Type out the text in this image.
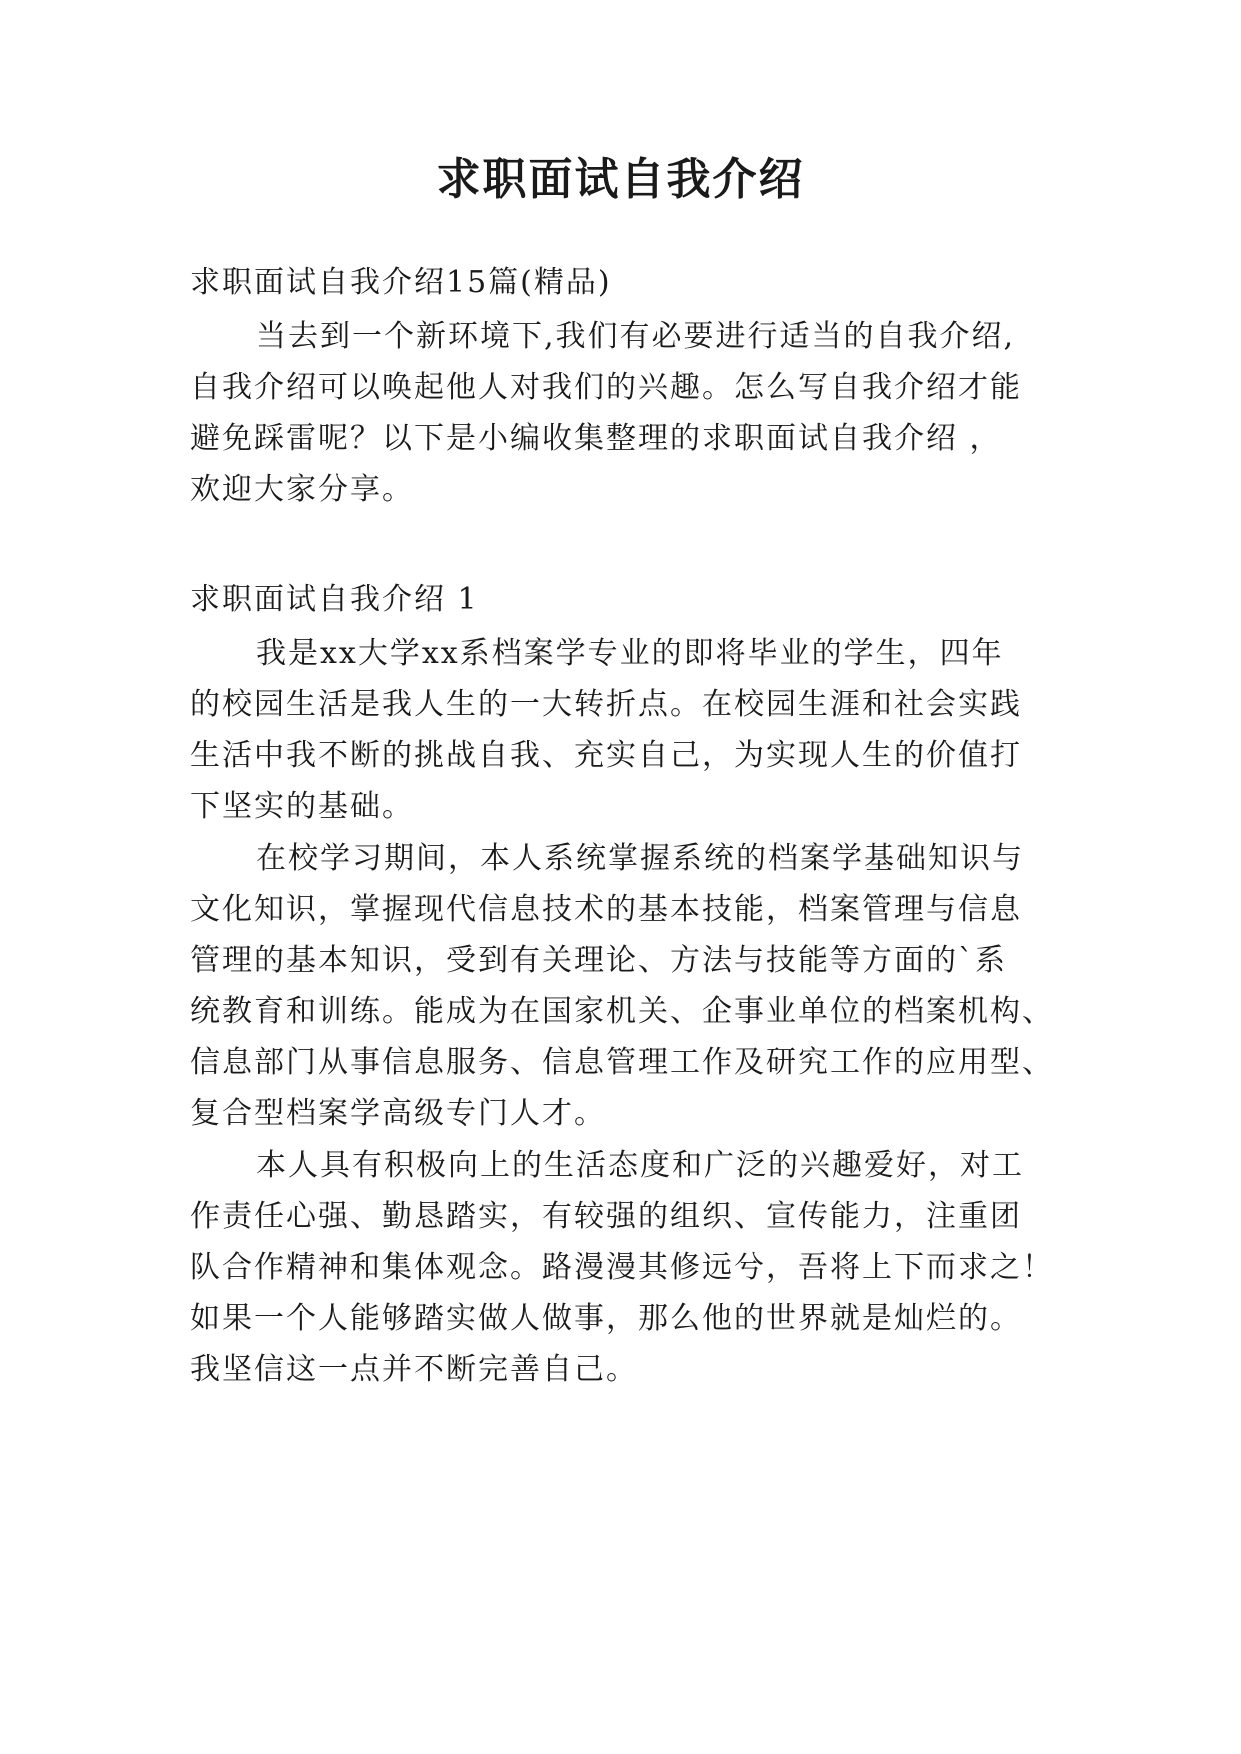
求职面试自我介绍
求职面试自我介绍15篇(精品)
当去到一个新环境下,我们有必要进行适当的自我介绍,
自我介绍可以唤起他人对我们的兴趣。怎么写自我介绍才能
避免踩雷呢？以下是小编收集整理的求职面试自我介绍 ，
欢迎大家分享。
求职面试自我介绍 1
我是xx大学xx系档案学专业的即将毕业的学生，四年
的校园生活是我人生的一大转折点。在校园生涯和社会实践
生活中我不断的挑战自我、充实自己，为实现人生的价值打
下坚实的基础。
在校学习期间，本人系统掌握系统的档案学基础知识与
文化知识，掌握现代信息技术的基本技能，档案管理与信息
管理的基本知识，受到有关理论、方法与技能等方面的`系
统教育和训练。能成为在国家机关、企事业单位的档案机构、
信息部门从事信息服务、信息管理工作及研究工作的应用型、
复合型档案学高级专门人才。
本人具有积极向上的生活态度和广泛的兴趣爱好，对工
作责任心强、勤恳踏实，有较强的组织、宣传能力，注重团
队合作精神和集体观念。路漫漫其修远兮，吾将上下而求之！
如果一个人能够踏实做人做事，那么他的世界就是灿烂的。
我坚信这一点并不断完善自己。
